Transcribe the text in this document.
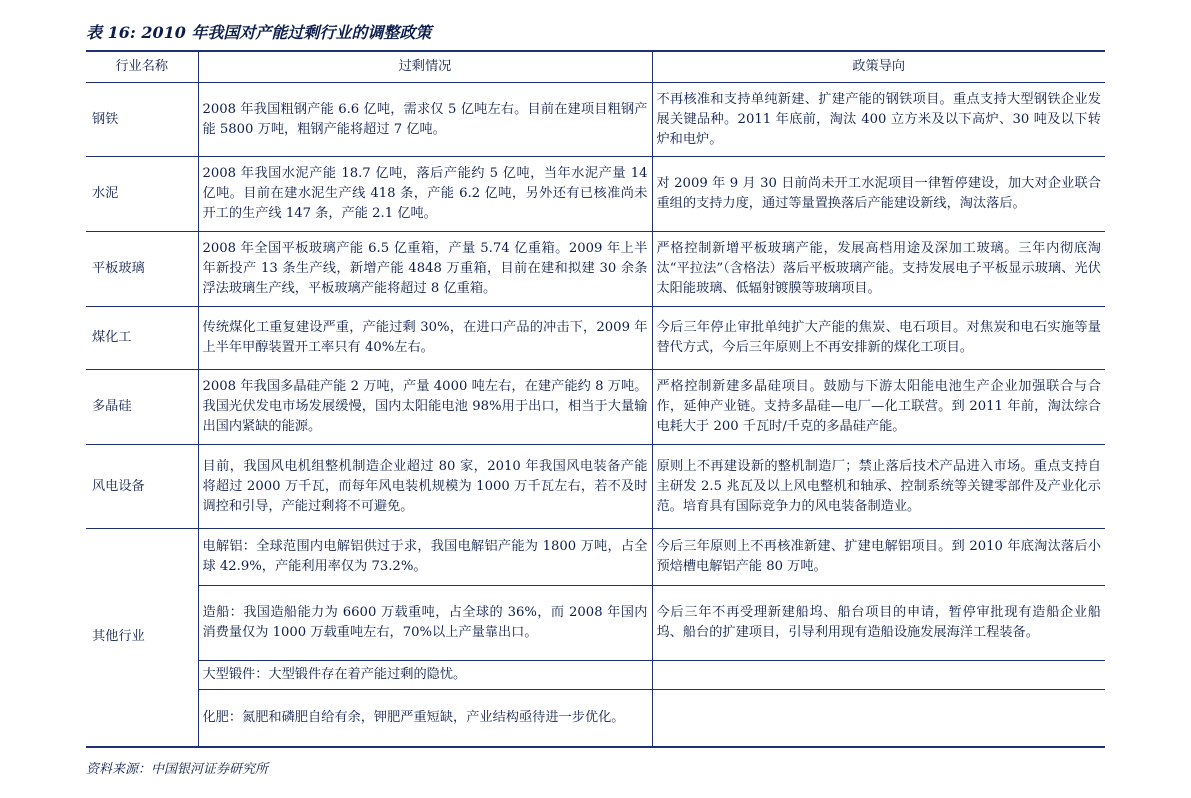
表 16: 2010 年我国对产能过剩行业的调整政策
行业名称	过剩情况	政策导向
钢铁	2008 年我国粗钢产能 6.6 亿吨，需求仅 5 亿吨左右。目前在建项目粗钢产能 5800 万吨，粗钢产能将超过 7 亿吨。	不再核准和支持单纯新建、扩建产能的钢铁项目。重点支持大型钢铁企业发展关键品种。2011 年底前，淘汰 400 立方米及以下高炉、30 吨及以下转炉和电炉。
水泥	2008 年我国水泥产能 18.7 亿吨，落后产能约 5 亿吨，当年水泥产量 14 亿吨。目前在建水泥生产线 418 条，产能 6.2 亿吨，另外还有已核准尚未开工的生产线 147 条，产能 2.1 亿吨。	对 2009 年 9 月 30 日前尚未开工水泥项目一律暂停建设，加大对企业联合重组的支持力度，通过等量置换落后产能建设新线，淘汰落后。
平板玻璃	2008 年全国平板玻璃产能 6.5 亿重箱，产量 5.74 亿重箱。2009 年上半年新投产 13 条生产线，新增产能 4848 万重箱，目前在建和拟建 30 余条浮法玻璃生产线，平板玻璃产能将超过 8 亿重箱。	严格控制新增平板玻璃产能，发展高档用途及深加工玻璃。三年内彻底淘汰“平拉法”（含格法）落后平板玻璃产能。支持发展电子平板显示玻璃、光伏太阳能玻璃、低辐射镀膜等玻璃项目。
煤化工	传统煤化工重复建设严重，产能过剩 30%，在进口产品的冲击下，2009 年上半年甲醇装置开工率只有 40%左右。	今后三年停止审批单纯扩大产能的焦炭、电石项目。对焦炭和电石实施等量替代方式，今后三年原则上不再安排新的煤化工项目。
多晶硅	2008 年我国多晶硅产能 2 万吨，产量 4000 吨左右，在建产能约 8 万吨。我国光伏发电市场发展缓慢，国内太阳能电池 98%用于出口，相当于大量输出国内紧缺的能源。	严格控制新建多晶硅项目。鼓励与下游太阳能电池生产企业加强联合与合作，延伸产业链。支持多晶硅—电厂—化工联营。到 2011 年前，淘汰综合电耗大于 200 千瓦时/千克的多晶硅产能。
风电设备	目前，我国风电机组整机制造企业超过 80 家，2010 年我国风电装备产能将超过 2000 万千瓦，而每年风电装机规模为 1000 万千瓦左右，若不及时调控和引导，产能过剩将不可避免。	原则上不再建设新的整机制造厂；禁止落后技术产品进入市场。重点支持自主研发 2.5 兆瓦及以上风电整机和轴承、控制系统等关键零部件及产业化示范。培育具有国际竞争力的风电装备制造业。
其他行业	电解铝：全球范围内电解铝供过于求，我国电解铝产能为 1800 万吨，占全球 42.9%，产能利用率仅为 73.2%。	今后三年原则上不再核准新建、扩建电解铝项目。到 2010 年底淘汰落后小预焙槽电解铝产能 80 万吨。
	造船：我国造船能力为 6600 万载重吨，占全球的 36%，而 2008 年国内消费量仅为 1000 万载重吨左右，70%以上产量靠出口。	今后三年不再受理新建船坞、船台项目的申请，暂停审批现有造船企业船坞、船台的扩建项目，引导利用现有造船设施发展海洋工程装备。
	大型锻件：大型锻件存在着产能过剩的隐忧。	
	化肥：氮肥和磷肥自给有余，钾肥严重短缺，产业结构亟待进一步优化。	
资料来源：中国银河证券研究所
